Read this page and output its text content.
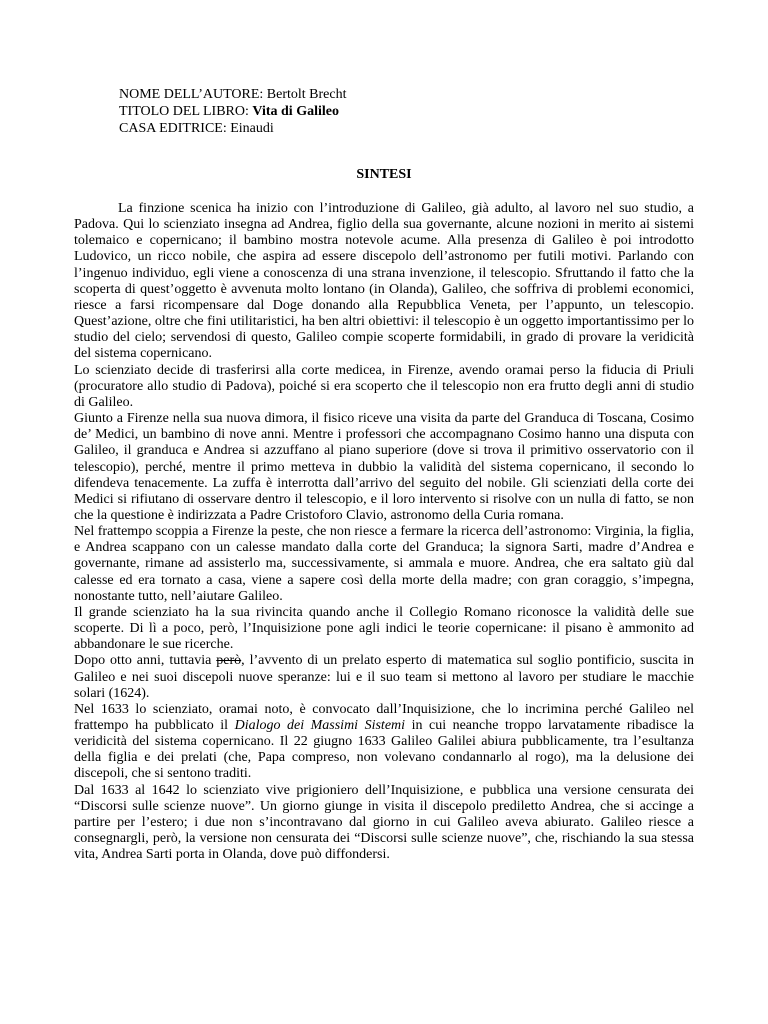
NOME DELL’AUTORE: Bertolt Brecht
TITOLO DEL LIBRO: Vita di Galileo
CASA EDITRICE: Einaudi
SINTESI

La finzione scenica ha inizio con l’introduzione di Galileo, già adulto, al lavoro nel suo studio, a Padova. Qui lo scienziato insegna ad Andrea, figlio della sua governante, alcune nozioni in merito ai sistemi tolemaico e copernicano; il bambino mostra notevole acume. Alla presenza di Galileo è poi introdotto Ludovico, un ricco nobile, che aspira ad essere discepolo dell’astronomo per futili motivi. Parlando con l’ingenuo individuo, egli viene a conoscenza di una strana invenzione, il telescopio. Sfruttando il fatto che la scoperta di quest’oggetto è avvenuta molto lontano (in Olanda), Galileo, che soffriva di problemi economici, riesce a farsi ricompensare dal Doge donando alla Repubblica Veneta, per l’appunto, un telescopio. Quest’azione, oltre che fini utilitaristici, ha ben altri obiettivi: il telescopio è un oggetto importantissimo per lo studio del cielo; servendosi di questo, Galileo compie scoperte formidabili, in grado di provare la veridicità del sistema copernicano.

Lo scienziato decide di trasferirsi alla corte medicea, in Firenze, avendo oramai perso la fiducia di Priuli (procuratore allo studio di Padova), poiché si era scoperto che il telescopio non era frutto degli anni di studio di Galileo.

Giunto a Firenze nella sua nuova dimora, il fisico riceve una visita da parte del Granduca di Toscana, Cosimo de’ Medici, un bambino di nove anni. Mentre i professori che accompagnano Cosimo hanno una disputa con Galileo, il granduca e Andrea si azzuffano al piano superiore (dove si trova il primitivo osservatorio con il telescopio), perché, mentre il primo metteva in dubbio la validità del sistema copernicano, il secondo lo difendeva tenacemente. La zuffa è interrotta dall’arrivo del seguito del nobile. Gli scienziati della corte dei Medici si rifiutano di osservare dentro il telescopio, e il loro intervento si risolve con un nulla di fatto, se non che la questione è indirizzata a Padre Cristoforo Clavio, astronomo della Curia romana.

Nel frattempo scoppia a Firenze la peste, che non riesce a fermare la ricerca dell’astronomo: Virginia, la figlia, e Andrea scappano con un calesse mandato dalla corte del Granduca; la signora Sarti, madre d’Andrea e governante, rimane ad assisterlo ma, successivamente, si ammala e muore. Andrea, che era saltato giù dal calesse ed era tornato a casa, viene a sapere così della morte della madre; con gran coraggio, s’impegna, nonostante tutto, nell’aiutare Galileo.

Il grande scienziato ha la sua rivincita quando anche il Collegio Romano riconosce la validità delle sue scoperte. Di lì a poco, però, l’Inquisizione pone agli indici le teorie copernicane: il pisano è ammonito ad abbandonare le sue ricerche.

Dopo otto anni, tuttavia però, l’avvento di un prelato esperto di matematica sul soglio pontificio, suscita in Galileo e nei suoi discepoli nuove speranze: lui e il suo team si mettono al lavoro per studiare le macchie solari (1624).

Nel 1633 lo scienziato, oramai noto, è convocato dall’Inquisizione, che lo incrimina perché Galileo nel frattempo ha pubblicato il Dialogo dei Massimi Sistemi in cui neanche troppo larvatamente ribadisce la veridicità del sistema copernicano. Il 22 giugno 1633 Galileo Galilei abiura pubblicamente, tra l’esultanza della figlia e dei prelati (che, Papa compreso, non volevano condannarlo al rogo), ma la delusione dei discepoli, che si sentono traditi.

Dal 1633 al 1642 lo scienziato vive prigioniero dell’Inquisizione, e pubblica una versione censurata dei “Discorsi sulle scienze nuove”. Un giorno giunge in visita il discepolo prediletto Andrea, che si accinge a partire per l’estero; i due non s’incontravano dal giorno in cui Galileo aveva abiurato. Galileo riesce a consegnargli, però, la versione non censurata dei “Discorsi sulle scienze nuove”, che, rischiando la sua stessa vita, Andrea Sarti porta in Olanda, dove può diffondersi.
